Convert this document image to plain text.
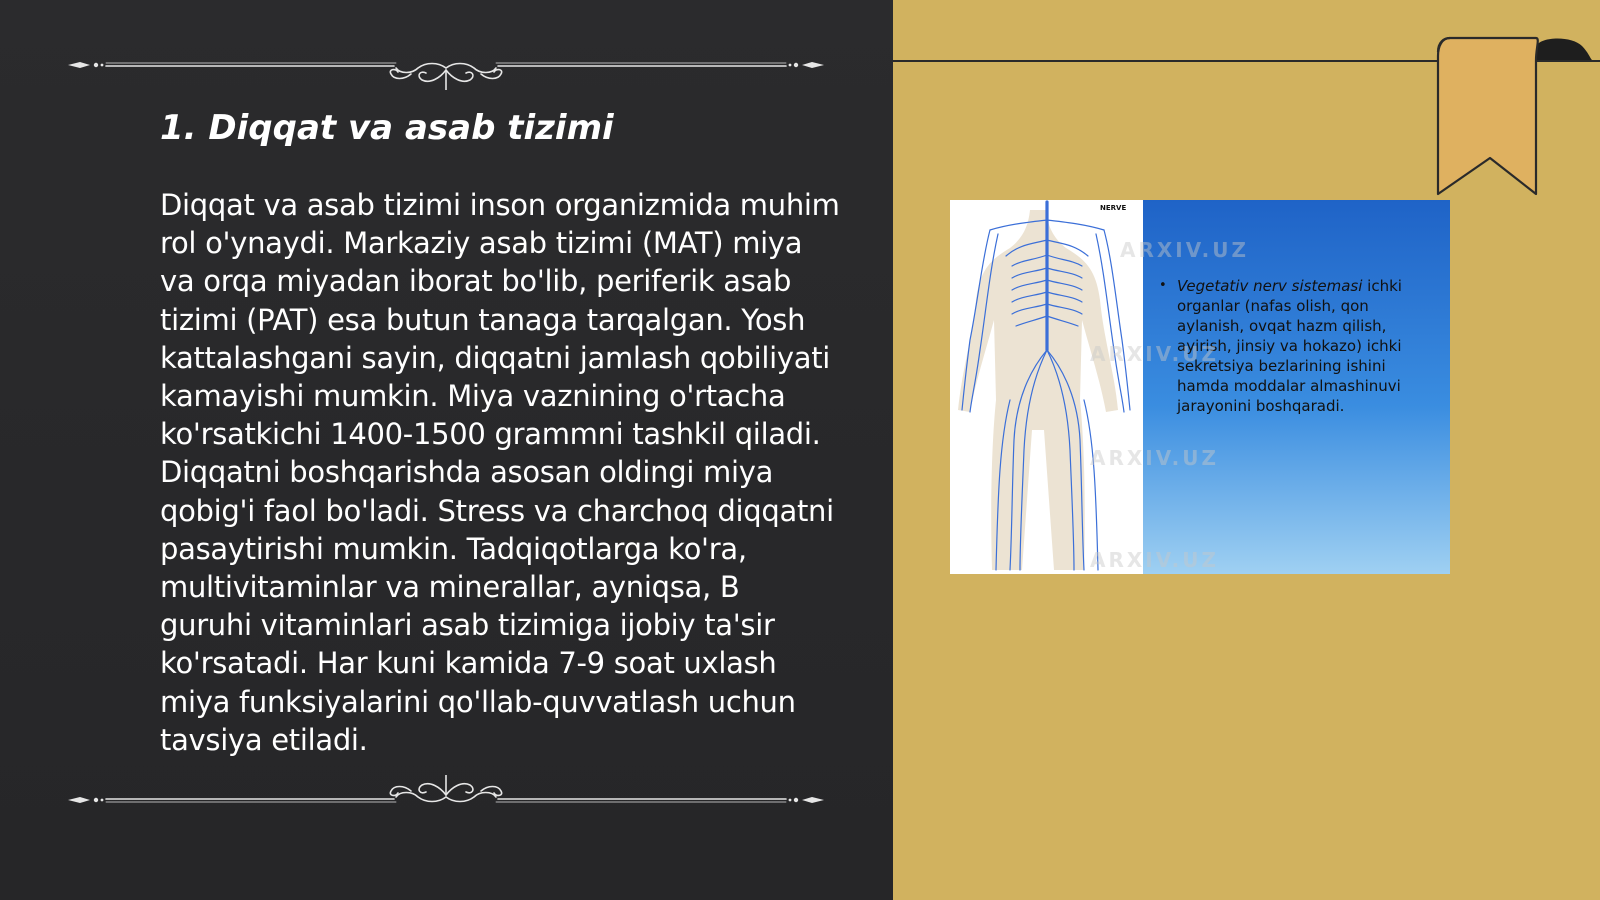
1. Diqqat va asab tizimi

Diqqat va asab tizimi inson organizmida muhim rol o'ynaydi. Markaziy asab tizimi (MAT) miya va orqa miyadan iborat bo'lib, periferik asab tizimi (PAT) esa butun tanaga tarqalgan. Yosh kattalashgani sayin, diqqatni jamlash qobiliyati kamayishi mumkin. Miya vaznining o'rtacha ko'rsatkichi 1400-1500 grammni tashkil qiladi. Diqqatni boshqarishda asosan oldingi miya qobig'i faol bo'ladi. Stress va charchoq diqqatni pasaytirishi mumkin. Tadqiqotlarga ko'ra, multivitaminlar va minerallar, ayniqsa, B guruhi vitaminlari asab tizimiga ijobiy ta'sir ko'rsatadi. Har kuni kamida 7-9 soat uxlash miya funksiyalarini qo'llab-quvvatlash uchun tavsiya etiladi.

NERVE
• Vegetativ nerv sistemasi ichki organlar (nafas olish, qon aylanish, ovqat hazm qilish, ayirish, jinsiy va hokazo) ichki sekretsiya bezlarining ishini hamda moddalar almashinuvi jarayonini boshqaradi.

ARXIV.UZ
ARXIV.UZ
ARXIV.UZ
ARXIV.UZ
